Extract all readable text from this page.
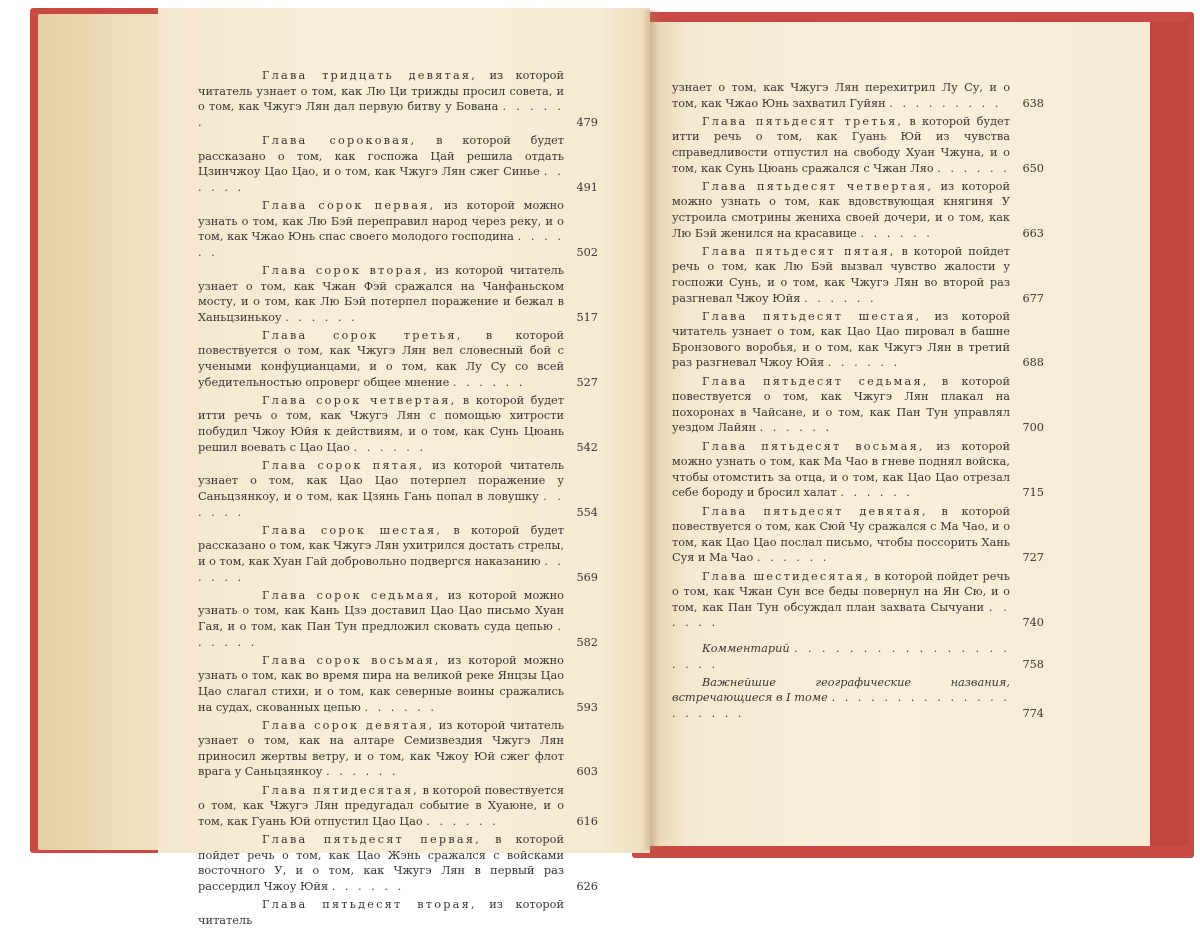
Глава тридцать девятая, из которой читатель узнает о том, как Лю Ци трижды просил совета, и о том, как Чжугэ Лян дал первую битву у Бована . . . . . .	479
Глава сороковая, в которой будет рассказано о том, как госпожа Цай решила отдать Цзинчжоу Цао Цао, и о том, как Чжугэ Лян сжег Синье . . . . . .	491
Глава сорок первая, из которой можно узнать о том, как Лю Бэй переправил народ через реку, и о том, как Чжао Юнь спас своего молодого господина . . . . . .	502
Глава сорок вторая, из которой читатель узнает о том, как Чжан Фэй сражался на Чанфаньском мосту, и о том, как Лю Бэй потерпел поражение и бежал в Ханьцзинькоу . . . . . .	517
Глава сорок третья, в которой повествуется о том, как Чжугэ Лян вел словесный бой с учеными конфуцианцами, и о том, как Лу Су со всей убедительностью опроверг общее мнение . . . . . .	527
Глава сорок четвертая, в которой будет итти речь о том, как Чжугэ Лян с помощью хитрости побудил Чжоу Юйя к действиям, и о том, как Сунь Цюань решил воевать с Цао Цао . . . . . .	542
Глава сорок пятая, из которой читатель узнает о том, как Цао Цао потерпел поражение у Саньцзянкоу, и о том, как Цзянь Гань попал в ловушку . . . . . .	554
Глава сорок шестая, в которой будет рассказано о том, как Чжугэ Лян ухитрился достать стрелы, и о том, как Хуан Гай добровольно подвергся наказанию . . . . . .	569
Глава сорок седьмая, из которой можно узнать о том, как Кань Цзэ доставил Цао Цао письмо Хуан Гая, и о том, как Пан Тун предложил сковать суда цепью . . . . . .	582
Глава сорок восьмая, из которой можно узнать о том, как во время пира на великой реке Янцзы Цао Цао слагал стихи, и о том, как северные воины сражались на судах, скованных цепью . . . . . .	593
Глава сорок девятая, из которой читатель узнает о том, как на алтаре Семизвездия Чжугэ Лян приносил жертвы ветру, и о том, как Чжоу Юй сжег флот врага у Саньцзянкоу . . . . . .	603
Глава пятидесятая, в которой повествуется о том, как Чжугэ Лян предугадал событие в Хуаюне, и о том, как Гуань Юй отпустил Цао Цао . . . . . .	616
Глава пятьдесят первая, в которой пойдет речь о том, как Цао Жэнь сражался с войсками восточного У, и о том, как Чжугэ Лян в первый раз рассердил Чжоу Юйя . . . . . .	626
Глава пятьдесят вторая, из которой читатель
узнает о том, как Чжугэ Лян перехитрил Лу Су, и о том, как Чжао Юнь захватил Гуйян . . . . . . . . .	638
Глава пятьдесят третья, в которой будет итти речь о том, как Гуань Юй из чувства справедливости отпустил на свободу Хуан Чжуна, и о том, как Сунь Цюань сражался с Чжан Ляо . . . . . . 650
Глава пятьдесят четвертая, из которой можно узнать о том, как вдовствующая княгиня У устроила смотрины жениха своей дочери, и о том, как Лю Бэй женился на красавице . . . . . .	663
Глава пятьдесят пятая, в которой пойдет речь о том, как Лю Бэй вызвал чувство жалости у госпожи Сунь, и о том, как Чжугэ Лян во второй раз разгневал Чжоу Юйя . . . . . .	677
Глава пятьдесят шестая, из которой читатель узнает о том, как Цао Цао пировал в башне Бронзового воробья, и о том, как Чжугэ Лян в третий раз разгневал Чжоу Юйя . . . . . .	688
Глава пятьдесят седьмая, в которой повествуется о том, как Чжугэ Лян плакал на похоронах в Чайсане, и о том, как Пан Тун управлял уездом Лайян . . . . . .	700
Глава пятьдесят восьмая, из которой можно узнать о том, как Ма Чао в гневе поднял войска, чтобы отомстить за отца, и о том, как Цао Цао отрезал себе бороду и бросил халат . . . . . .	715
Глава пятьдесят девятая, в которой повествуется о том, как Сюй Чу сражался с Ма Чао, и о том, как Цао Цао послал письмо, чтобы поссорить Хань Суя и Ма Чао . . . . . .	727
Глава шестидесятая, в которой пойдет речь о том, как Чжан Сун все беды повернул на Ян Сю, и о том, как Пан Тун обсуждал план захвата Сычуани . . . . . .	740
Комментарий . . . . . . . . . . . . . . . . . . . .	758
Важнейшие географические названия, встречающиеся в I томе . . . . . . . . . . . . . . . . . . . .	774
